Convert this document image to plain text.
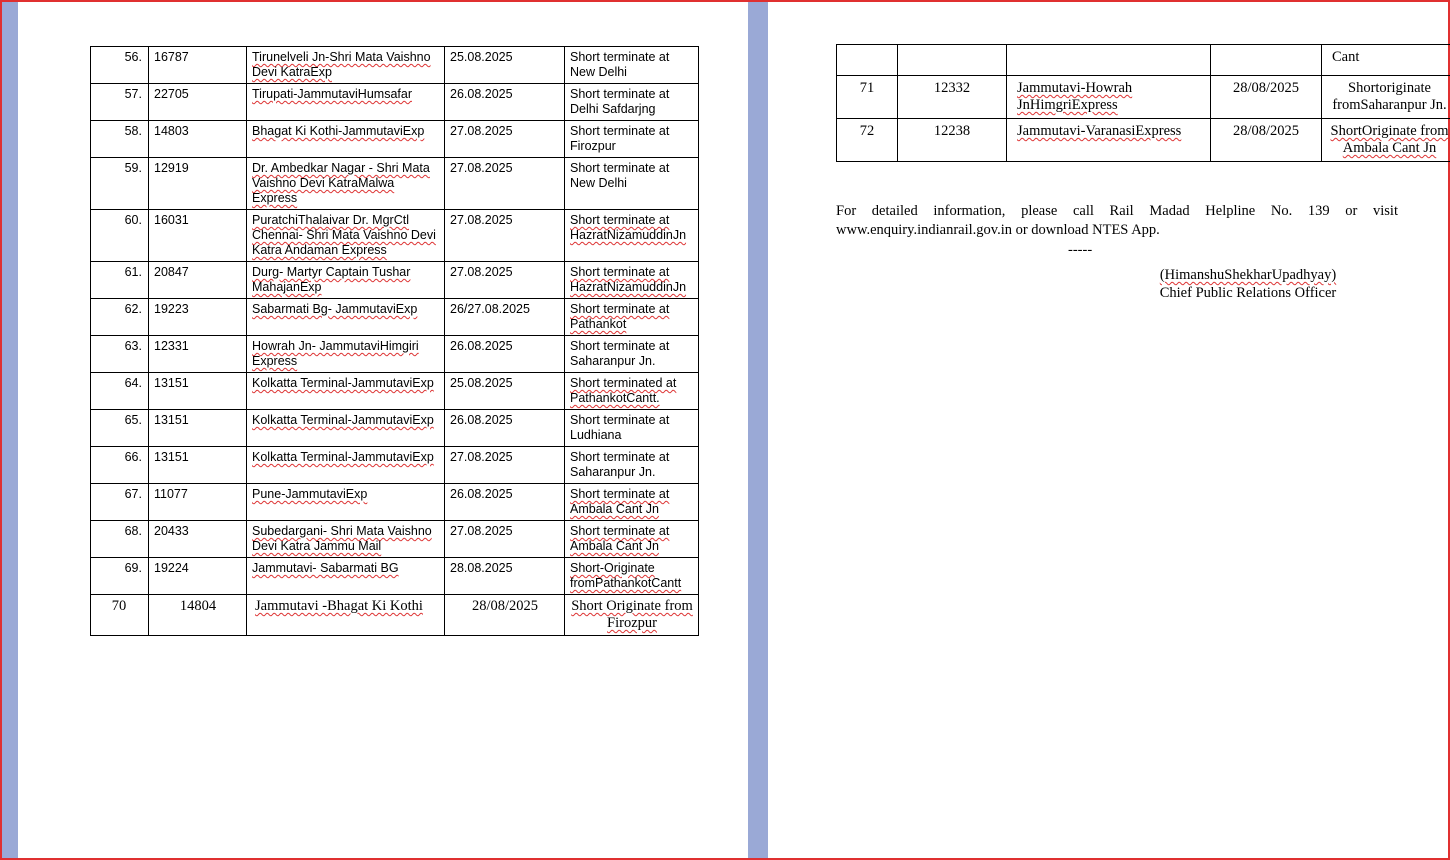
56.	16787	Tirunelveli Jn-Shri Mata Vaishno Devi KatraExp	25.08.2025	Short terminate at New Delhi
57.	22705	Tirupati-JammutaviHumsafar	26.08.2025	Short terminate at Delhi Safdarjng
58.	14803	Bhagat Ki Kothi-JammutaviExp	27.08.2025	Short terminate at Firozpur
59.	12919	Dr. Ambedkar Nagar - Shri Mata Vaishno Devi KatraMalwa Express	27.08.2025	Short terminate at New Delhi
60.	16031	PuratchiThalaivar Dr. MgrCtl Chennai- Shri Mata Vaishno Devi Katra Andaman Express	27.08.2025	Short terminate at HazratNizamuddinJn
61.	20847	Durg- Martyr Captain Tushar MahajanExp	27.08.2025	Short terminate at HazratNizamuddinJn
62.	19223	Sabarmati Bg- JammutaviExp	26/27.08.2025	Short terminate at Pathankot
63.	12331	Howrah Jn- JammutaviHimgiri Express	26.08.2025	Short terminate at Saharanpur Jn.
64.	13151	Kolkatta Terminal-JammutaviExp	25.08.2025	Short terminated at PathankotCantt.
65.	13151	Kolkatta Terminal-JammutaviExp	26.08.2025	Short terminate at Ludhiana
66.	13151	Kolkatta Terminal-JammutaviExp	27.08.2025	Short terminate at Saharanpur Jn.
67.	11077	Pune-JammutaviExp	26.08.2025	Short terminate at Ambala Cant Jn
68.	20433	Subedargani- Shri Mata Vaishno Devi Katra Jammu Mail	27.08.2025	Short terminate at Ambala Cant Jn
69.	19224	Jammutavi- Sabarmati BG	28.08.2025	Short-Originate fromPathankotCantt
70	14804	Jammutavi -Bhagat Ki Kothi	28/08/2025	Short Originate from Firozpur
				Cant
71	12332	Jammutavi-Howrah JnHimgriExpress	28/08/2025	Shortoriginate fromSaharanpur Jn.
72	12238	Jammutavi-VaranasiExpress	28/08/2025	ShortOriginate from Ambala Cant Jn
For detailed information, please call Rail Madad Helpline No. 139 or visit www.enquiry.indianrail.gov.in or download NTES App.
-----
(HimanshuShekharUpadhyay)
Chief Public Relations Officer
